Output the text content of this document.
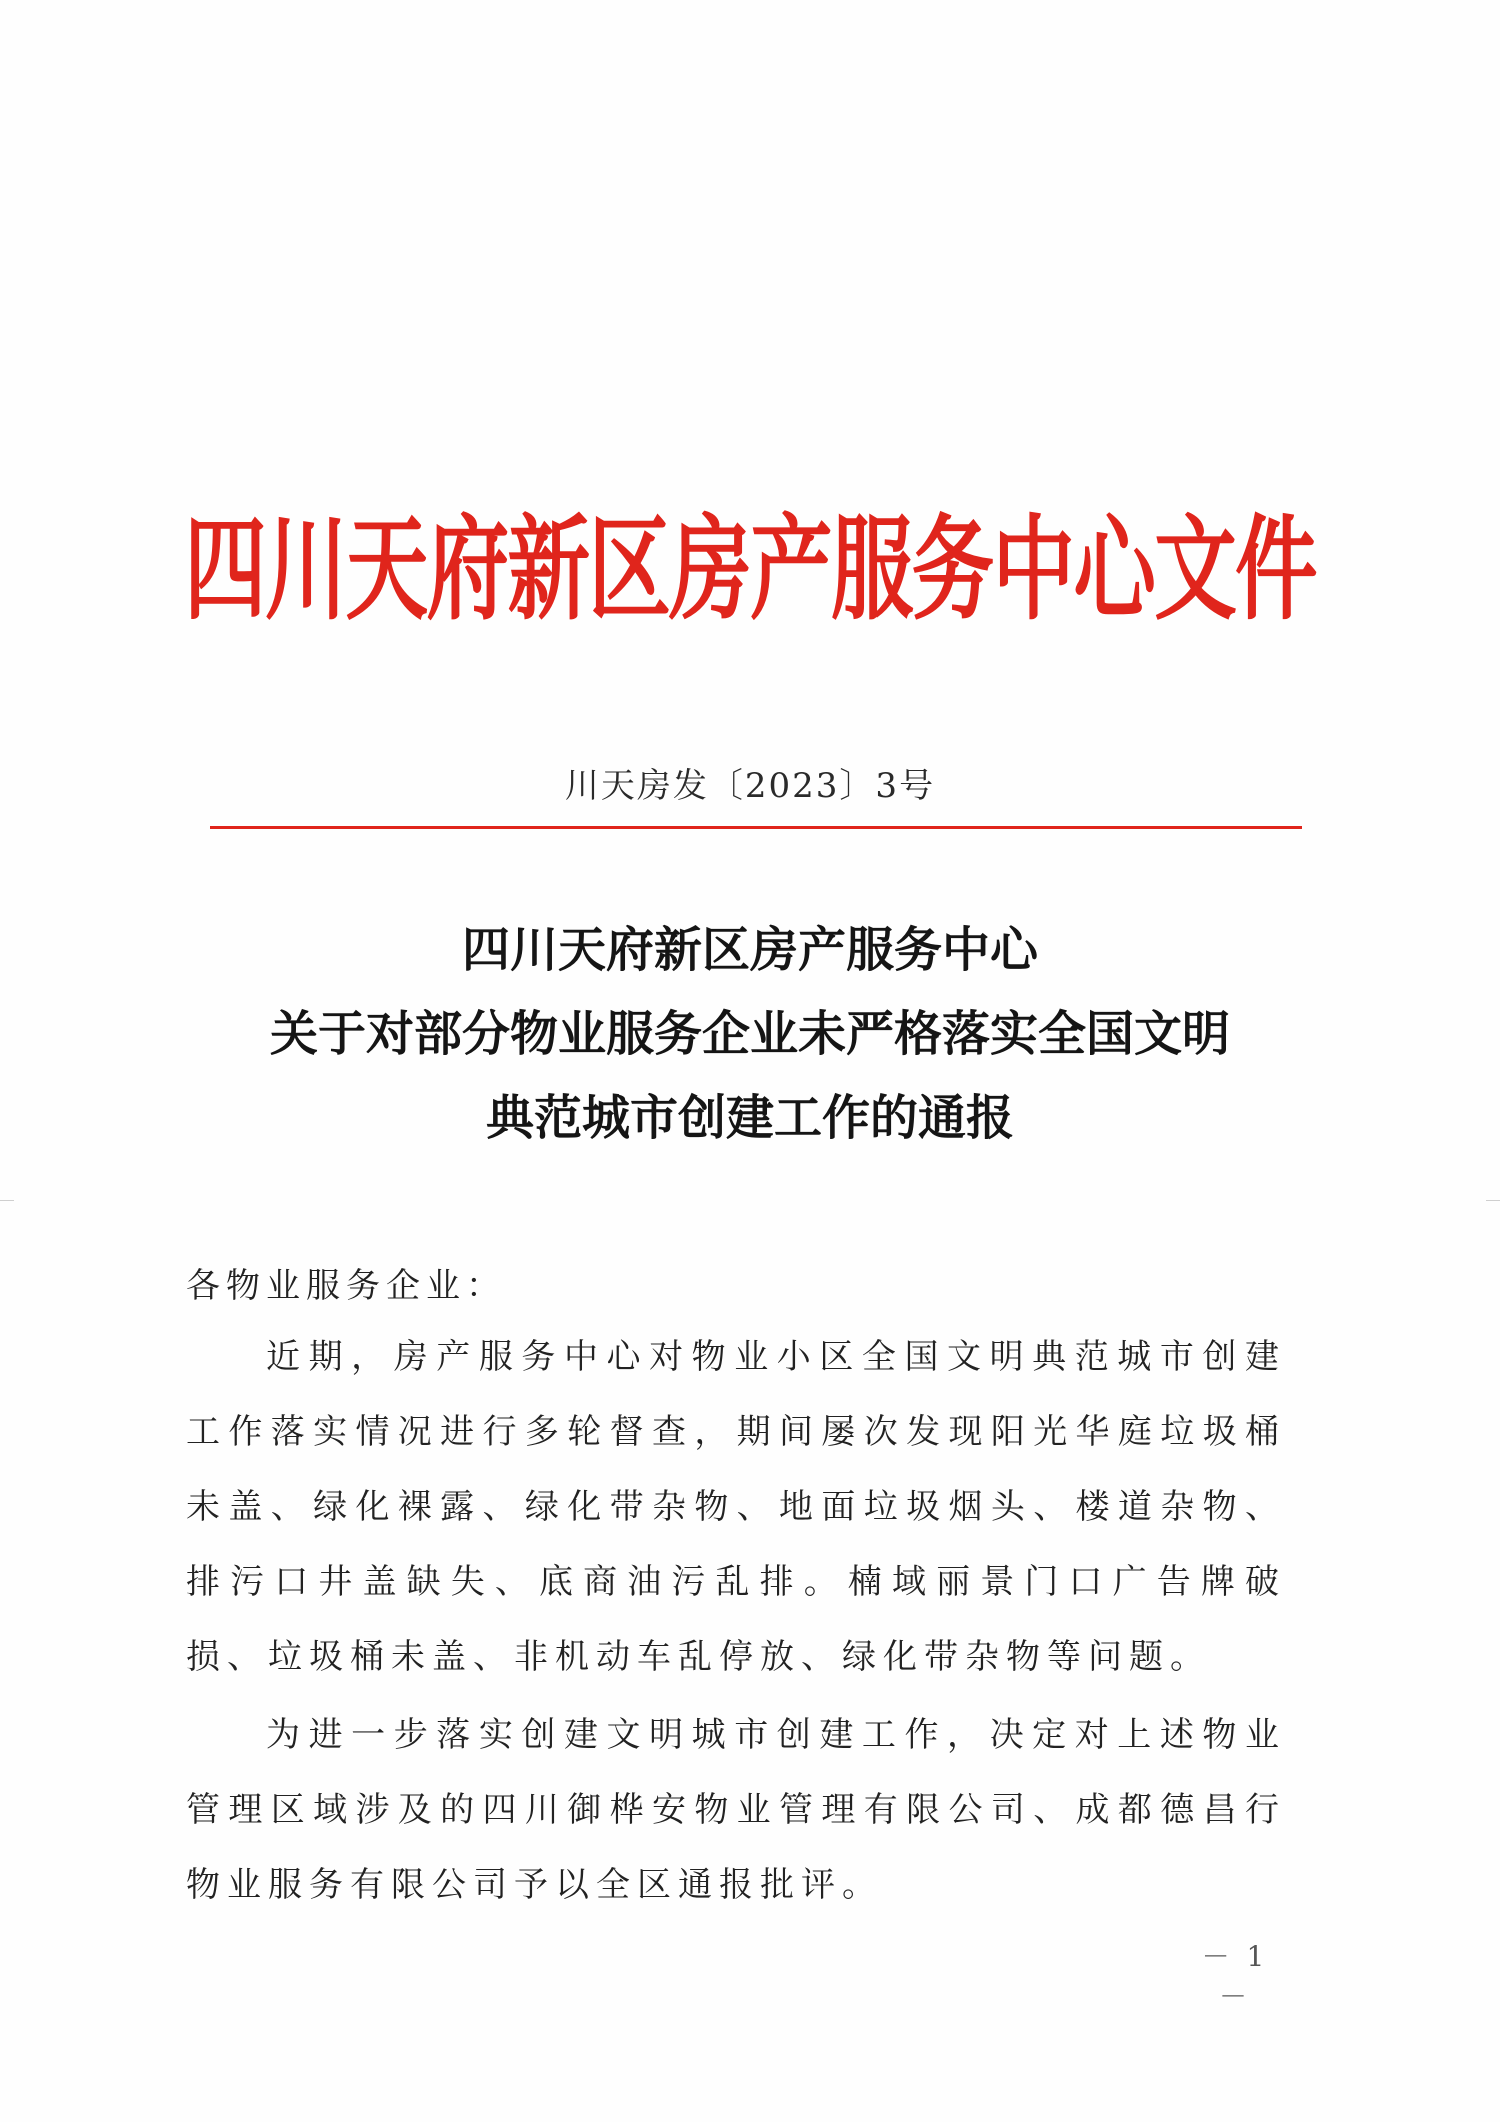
四川天府新区房产服务中心文件
川天房发〔2023〕3号
四川天府新区房产服务中心
关于对部分物业服务企业未严格落实全国文明
典范城市创建工作的通报
各物业服务企业：
近期，房产服务中心对物业小区全国文明典范城市创建工作落实情况进行多轮督查，期间屡次发现阳光华庭垃圾桶未盖、绿化裸露、绿化带杂物、地面垃圾烟头、楼道杂物、排污口井盖缺失、底商油污乱排。楠域丽景门口广告牌破损、垃圾桶未盖、非机动车乱停放、绿化带杂物等问题。
为进一步落实创建文明城市创建工作，决定对上述物业管理区域涉及的四川御桦安物业管理有限公司、成都德昌行物业服务有限公司予以全区通报批评。
－ 1 －
